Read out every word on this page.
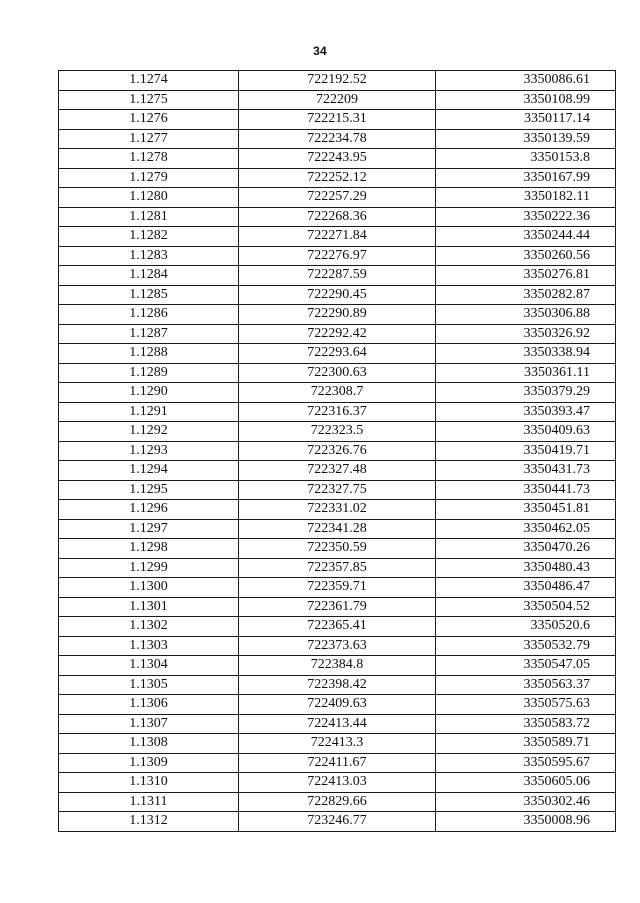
34
1.1274	722192.52	3350086.61
1.1275	722209	3350108.99
1.1276	722215.31	3350117.14
1.1277	722234.78	3350139.59
1.1278	722243.95	3350153.8
1.1279	722252.12	3350167.99
1.1280	722257.29	3350182.11
1.1281	722268.36	3350222.36
1.1282	722271.84	3350244.44
1.1283	722276.97	3350260.56
1.1284	722287.59	3350276.81
1.1285	722290.45	3350282.87
1.1286	722290.89	3350306.88
1.1287	722292.42	3350326.92
1.1288	722293.64	3350338.94
1.1289	722300.63	3350361.11
1.1290	722308.7	3350379.29
1.1291	722316.37	3350393.47
1.1292	722323.5	3350409.63
1.1293	722326.76	3350419.71
1.1294	722327.48	3350431.73
1.1295	722327.75	3350441.73
1.1296	722331.02	3350451.81
1.1297	722341.28	3350462.05
1.1298	722350.59	3350470.26
1.1299	722357.85	3350480.43
1.1300	722359.71	3350486.47
1.1301	722361.79	3350504.52
1.1302	722365.41	3350520.6
1.1303	722373.63	3350532.79
1.1304	722384.8	3350547.05
1.1305	722398.42	3350563.37
1.1306	722409.63	3350575.63
1.1307	722413.44	3350583.72
1.1308	722413.3	3350589.71
1.1309	722411.67	3350595.67
1.1310	722413.03	3350605.06
1.1311	722829.66	3350302.46
1.1312	723246.77	3350008.96
